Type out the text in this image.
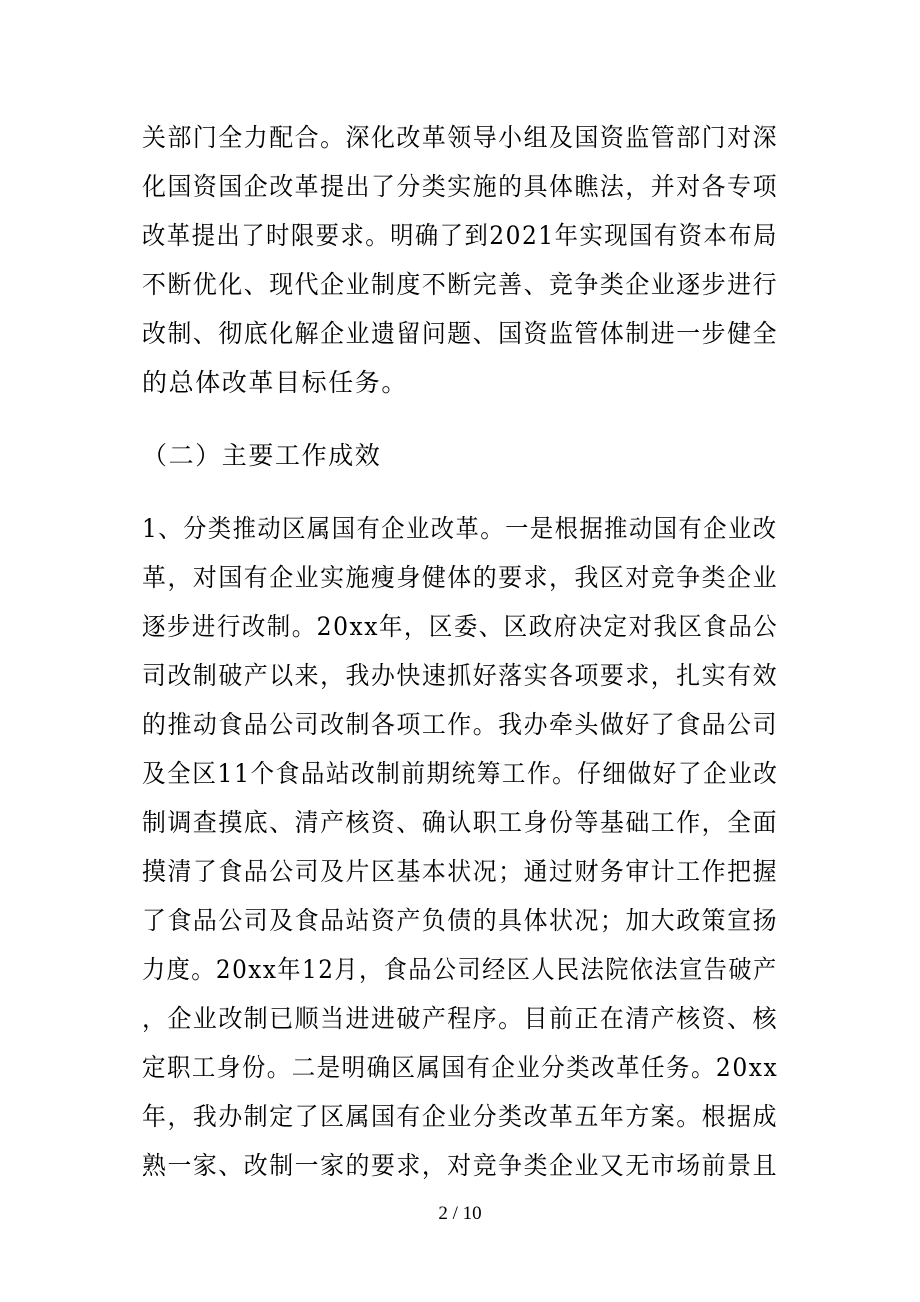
关部门全力配合。深化改革领导小组及国资监管部门对深
化国资国企改革提出了分类实施的具体瞧法，并对各专项
改革提出了时限要求。明确了到2021年实现国有资本布局
不断优化、现代企业制度不断完善、竞争类企业逐步进行
改制、彻底化解企业遗留问题、国资监管体制进一步健全
的总体改革目标任务。
（二）主要工作成效
1、分类推动区属国有企业改革。一是根据推动国有企业改
革，对国有企业实施瘦身健体的要求，我区对竞争类企业
逐步进行改制。20xx年，区委、区政府决定对我区食品公
司改制破产以来，我办快速抓好落实各项要求，扎实有效
的推动食品公司改制各项工作。我办牵头做好了食品公司
及全区11个食品站改制前期统筹工作。仔细做好了企业改
制调查摸底、清产核资、确认职工身份等基础工作，全面
摸清了食品公司及片区基本状况；通过财务审计工作把握
了食品公司及食品站资产负债的具体状况；加大政策宣扬
力度。20xx年12月，食品公司经区人民法院依法宣告破产
，企业改制已顺当进进破产程序。目前正在清产核资、核
定职工身份。二是明确区属国有企业分类改革任务。20xx
年，我办制定了区属国有企业分类改革五年方案。根据成
熟一家、改制一家的要求，对竞争类企业又无市场前景且
2 / 10
